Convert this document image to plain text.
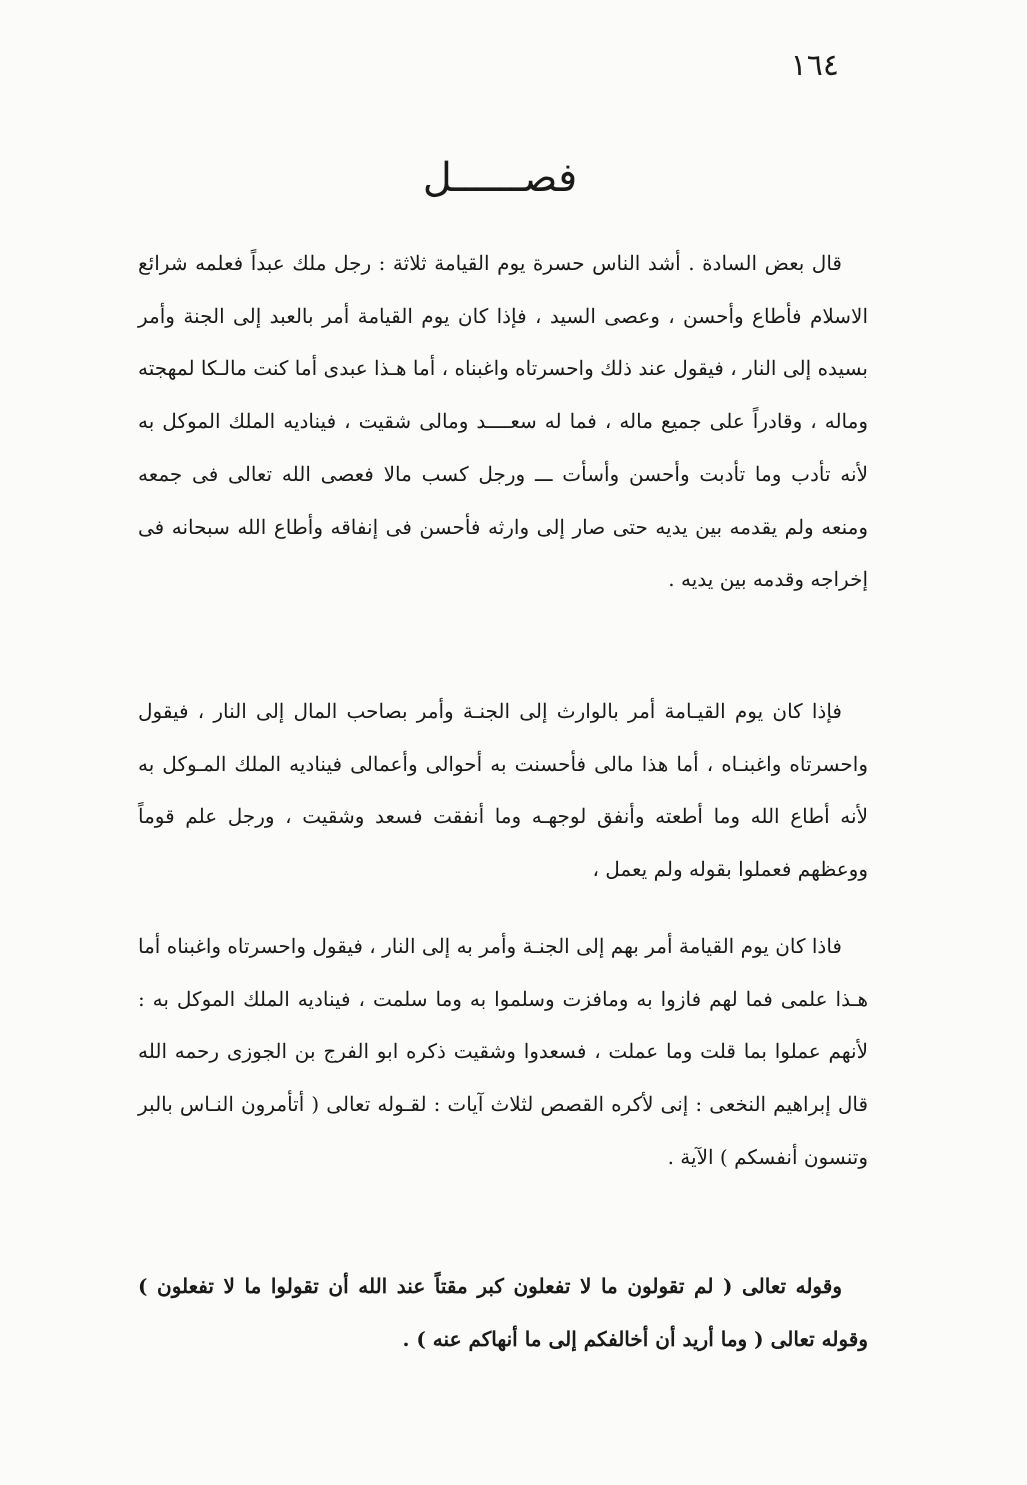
١٦٤
فصــــــل

قال بعض السادة . أشد الناس حسرة يوم القيامة ثلاثة : رجل ملك عبداً فعلمه شرائع الاسلام فأطاع وأحسن ، وعصى السيد ، فإذا كان يوم القيامة أمر بالعبد إلى الجنة وأمر بسيده إلى النار ، فيقول عند ذلك واحسرتاه واغبناه ، أما هـذا عبدى أما كنت مالـكا لمهجته وماله ، وقادراً على جميع ماله ، فما له سعــــد ومالى شقيت ، فيناديه الملك الموكل به لأنه تأدب وما تأدبت وأحسن وأسأت ـــ ورجل كسب مالا فعصى الله تعالى فى جمعه ومنعه ولم يقدمه بين يديه حتى صار إلى وارثه فأحسن فى إنفاقه وأطاع الله سبحانه فى إخراجه وقدمه بين يديه .

فإذا كان يوم القيـامة أمر بالوارث إلى الجنـة وأمر بصاحب المال إلى النار ، فيقول واحسرتاه واغبنـاه ، أما هذا مالى فأحسنت به أحوالى وأعمالى فيناديه الملك المـوكل به لأنه أطاع الله وما أطعته وأنفق لوجهـه وما أنفقت فسعد وشقيت ، ورجل علم قوماً ووعظهم فعملوا بقوله ولم يعمل ،

فاذا كان يوم القيامة أمر بهم إلى الجنـة وأمر به إلى النار ، فيقول واحسرتاه واغبناه أما هـذا علمى فما لهم فازوا به ومافزت وسلموا به وما سلمت ، فيناديه الملك الموكل به : لأنهم عملوا بما قلت وما عملت ، فسعدوا وشقيت ذكره ابو الفرج بن الجوزى رحمه الله قال إبراهيم النخعى : إنى لأكره القصص لثلاث آيات : لقـوله تعالى ( أتأمرون النـاس بالبر وتنسون أنفسكم ) الآية .

وقوله تعالى ( لم تقولون ما لا تفعلون كبر مقتاً عند الله أن تقولوا ما لا تفعلون ) وقوله تعالى ( وما أريد أن أخالفكم إلى ما أنهاكم عنه ) .
